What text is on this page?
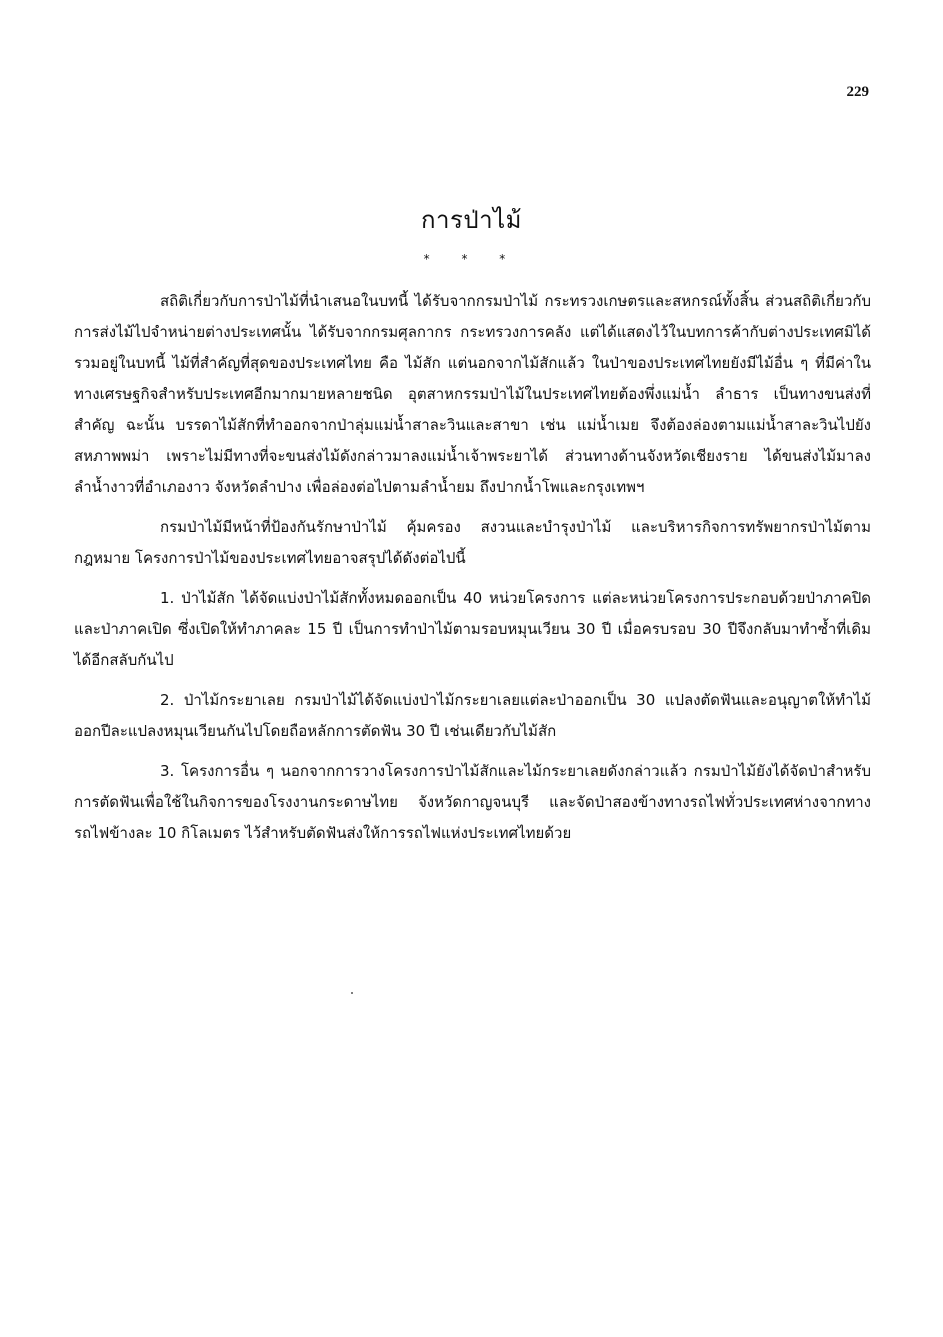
229
การป่าไม้
* * *

สถิติเกี่ยวกับการป่าไม้ที่นำเสนอในบทนี้ ได้รับจากกรมป่าไม้ กระทรวงเกษตรและสหกรณ์ทั้งสิ้น ส่วนสถิติเกี่ยวกับการส่งไม้ไปจำหน่ายต่างประเทศนั้น ได้รับจากกรมศุลกากร กระทรวงการคลัง แต่ได้แสดงไว้ในบทการค้ากับต่างประเทศมิได้รวมอยู่ในบทนี้ ไม้ที่สำคัญที่สุดของประเทศไทย คือ ไม้สัก แต่นอกจากไม้สักแล้ว ในป่าของประเทศไทยยังมีไม้อื่น ๆ ที่มีค่าในทางเศรษฐกิจสำหรับประเทศอีกมากมายหลายชนิด อุตสาหกรรมป่าไม้ในประเทศไทยต้องพึ่งแม่น้ำ ลำธาร เป็นทางขนส่งที่สำคัญ ฉะนั้น บรรดาไม้สักที่ทำออกจากป่าลุ่มแม่น้ำสาละวินและสาขา เช่น แม่น้ำเมย จึงต้องล่องตามแม่น้ำสาละวินไปยังสหภาพพม่า เพราะไม่มีทางที่จะขนส่งไม้ดังกล่าวมาลงแม่น้ำเจ้าพระยาได้ ส่วนทางด้านจังหวัดเชียงราย ได้ขนส่งไม้มาลงลำน้ำงาวที่อำเภองาว จังหวัดลำปาง เพื่อล่องต่อไปตามลำน้ำยม ถึงปากน้ำโพและกรุงเทพฯ

กรมป่าไม้มีหน้าที่ป้องกันรักษาป่าไม้ คุ้มครอง สงวนและบำรุงป่าไม้ และบริหารกิจการทรัพยากรป่าไม้ตามกฎหมาย โครงการป่าไม้ของประเทศไทยอาจสรุปได้ดังต่อไปนี้

1. ป่าไม้สัก ได้จัดแบ่งป่าไม้สักทั้งหมดออกเป็น 40 หน่วยโครงการ แต่ละหน่วยโครงการประกอบด้วยป่าภาคปิดและป่าภาคเปิด ซึ่งเปิดให้ทำภาคละ 15 ปี เป็นการทำป่าไม้ตามรอบหมุนเวียน 30 ปี เมื่อครบรอบ 30 ปีจึงกลับมาทำซ้ำที่เดิมได้อีกสลับกันไป

2. ป่าไม้กระยาเลย กรมป่าไม้ได้จัดแบ่งป่าไม้กระยาเลยแต่ละป่าออกเป็น 30 แปลงตัดฟันและอนุญาตให้ทำไม้ออกปีละแปลงหมุนเวียนกันไปโดยถือหลักการตัดฟัน 30 ปี เช่นเดียวกับไม้สัก

3. โครงการอื่น ๆ นอกจากการวางโครงการป่าไม้สักและไม้กระยาเลยดังกล่าวแล้ว กรมป่าไม้ยังได้จัดป่าสำหรับการตัดฟันเพื่อใช้ในกิจการของโรงงานกระดาษไทย จังหวัดกาญจนบุรี และจัดป่าสองข้างทางรถไฟทั่วประเทศห่างจากทางรถไฟข้างละ 10 กิโลเมตร ไว้สำหรับตัดฟันส่งให้การรถไฟแห่งประเทศไทยด้วย
